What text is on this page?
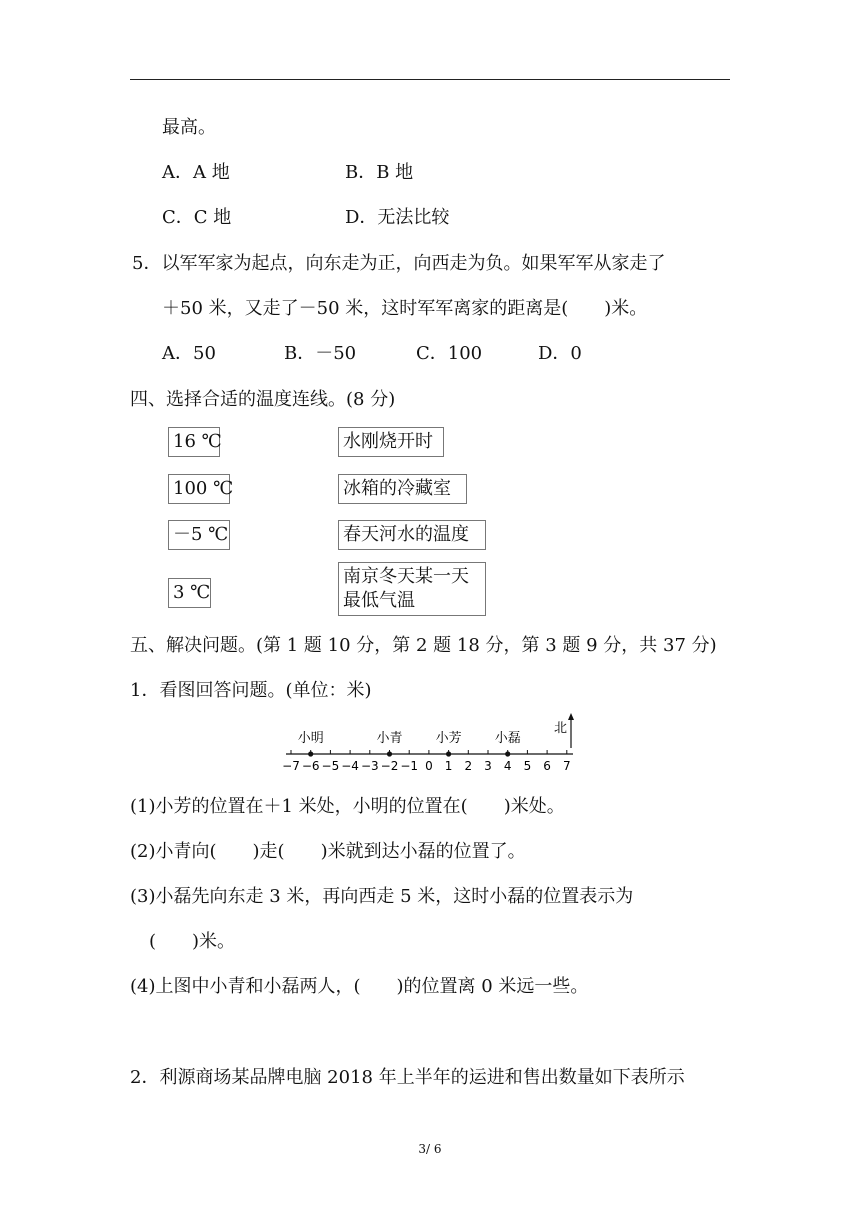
最高。
A．A 地	B．B 地
C．C 地	D．无法比较
5．以军军家为起点，向东走为正，向西走为负。如果军军从家走了
＋50 米，又走了－50 米，这时军军离家的距离是(　　)米。
A．50	B．－50	C．100	D．0
四、选择合适的温度连线。(8 分)
16 ℃
100 ℃
－5 ℃
3 ℃
水刚烧开时
冰箱的冷藏室
春天河水的温度
南京冬天某一天
最低气温
五、解决问题。(第 1 题 10 分，第 2 题 18 分，第 3 题 9 分，共 37 分)
1．看图回答问题。(单位：米)
北
小明	小青	小芳	小磊
−7 −6 −5 −4 −3 −2 −1 0 1 2 3 4 5 6 7
(1)小芳的位置在＋1 米处，小明的位置在(　　)米处。
(2)小青向(　　)走(　　)米就到达小磊的位置了。
(3)小磊先向东走 3 米，再向西走 5 米，这时小磊的位置表示为
(　　)米。
(4)上图中小青和小磊两人，(　　)的位置离 0 米远一些。
2．利源商场某品牌电脑 2018 年上半年的运进和售出数量如下表所示
3/ 6
